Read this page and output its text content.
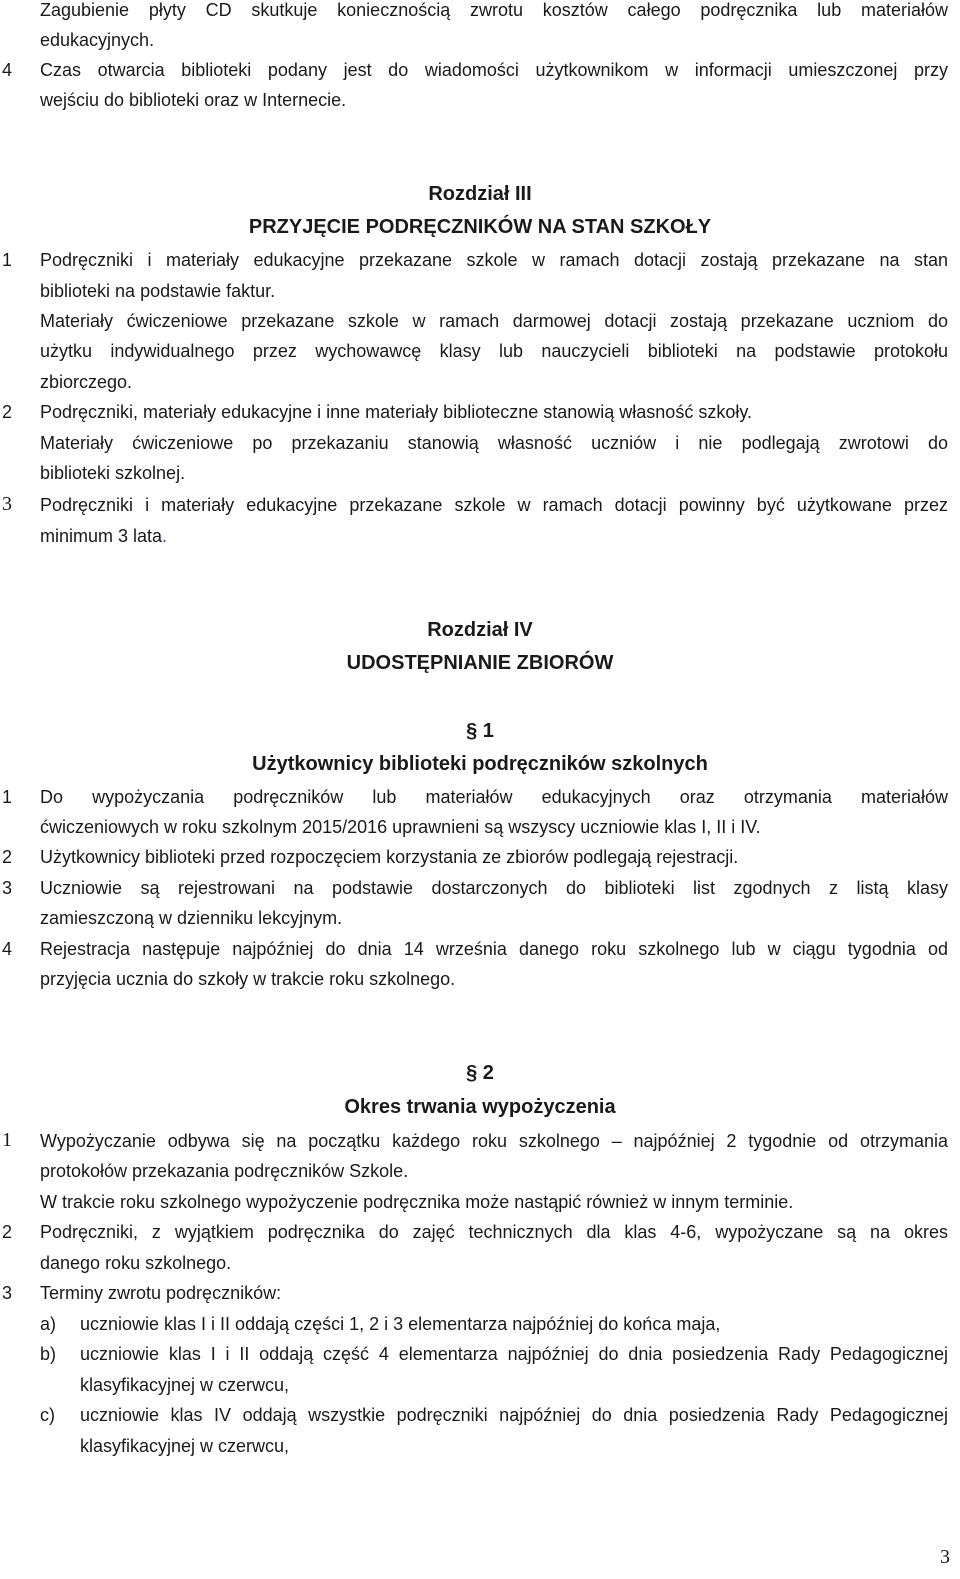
Zagubienie płyty CD skutkuje koniecznością zwrotu kosztów całego podręcznika lub materiałów
edukacyjnych.
4	Czas otwarcia biblioteki podany jest do wiadomości użytkownikom w informacji umieszczonej przy
wejściu do biblioteki oraz w Internecie.
Rozdział III
PRZYJĘCIE PODRĘCZNIKÓW NA STAN SZKOŁY
1	Podręczniki i materiały edukacyjne przekazane szkole w ramach dotacji zostają przekazane na stan
biblioteki na podstawie faktur.
Materiały ćwiczeniowe przekazane szkole w ramach darmowej dotacji zostają przekazane uczniom do
użytku indywidualnego przez wychowawcę klasy lub nauczycieli biblioteki na podstawie protokołu
zbiorczego.
2	Podręczniki, materiały edukacyjne i inne materiały biblioteczne stanowią własność szkoły.
Materiały ćwiczeniowe po przekazaniu stanowią własność uczniów i nie podlegają zwrotowi do
biblioteki szkolnej.
3	Podręczniki i materiały edukacyjne przekazane szkole w ramach dotacji powinny być użytkowane przez
minimum 3 lata.
Rozdział IV
UDOSTĘPNIANIE ZBIORÓW
§ 1
Użytkownicy biblioteki podręczników szkolnych
1	Do wypożyczania podręczników lub materiałów edukacyjnych oraz otrzymania materiałów
ćwiczeniowych w roku szkolnym 2015/2016 uprawnieni są wszyscy uczniowie klas I, II i IV.
2	Użytkownicy biblioteki przed rozpoczęciem korzystania ze zbiorów podlegają rejestracji.
3	Uczniowie są rejestrowani na podstawie dostarczonych do biblioteki list zgodnych z listą klasy
zamieszczoną w dzienniku lekcyjnym.
4	Rejestracja następuje najpóźniej do dnia 14 września danego roku szkolnego lub w ciągu tygodnia od
przyjęcia ucznia do szkoły w trakcie roku szkolnego.
§ 2
Okres trwania wypożyczenia
1	Wypożyczanie odbywa się na początku każdego roku szkolnego – najpóźniej 2 tygodnie od otrzymania
protokołów przekazania podręczników Szkole.
W trakcie roku szkolnego wypożyczenie podręcznika może nastąpić również w innym terminie.
2	Podręczniki, z wyjątkiem podręcznika do zajęć technicznych dla klas 4-6, wypożyczane są na okres
danego roku szkolnego.
3	Terminy zwrotu podręczników:
a) uczniowie klas I i II oddają części 1, 2 i 3 elementarza najpóźniej do końca maja,
b) uczniowie klas I i II oddają część 4 elementarza najpóźniej do dnia posiedzenia Rady Pedagogicznej
klasyfikacyjnej w czerwcu,
c) uczniowie klas IV oddają wszystkie podręczniki najpóźniej do dnia posiedzenia Rady Pedagogicznej
klasyfikacyjnej w czerwcu,
3
